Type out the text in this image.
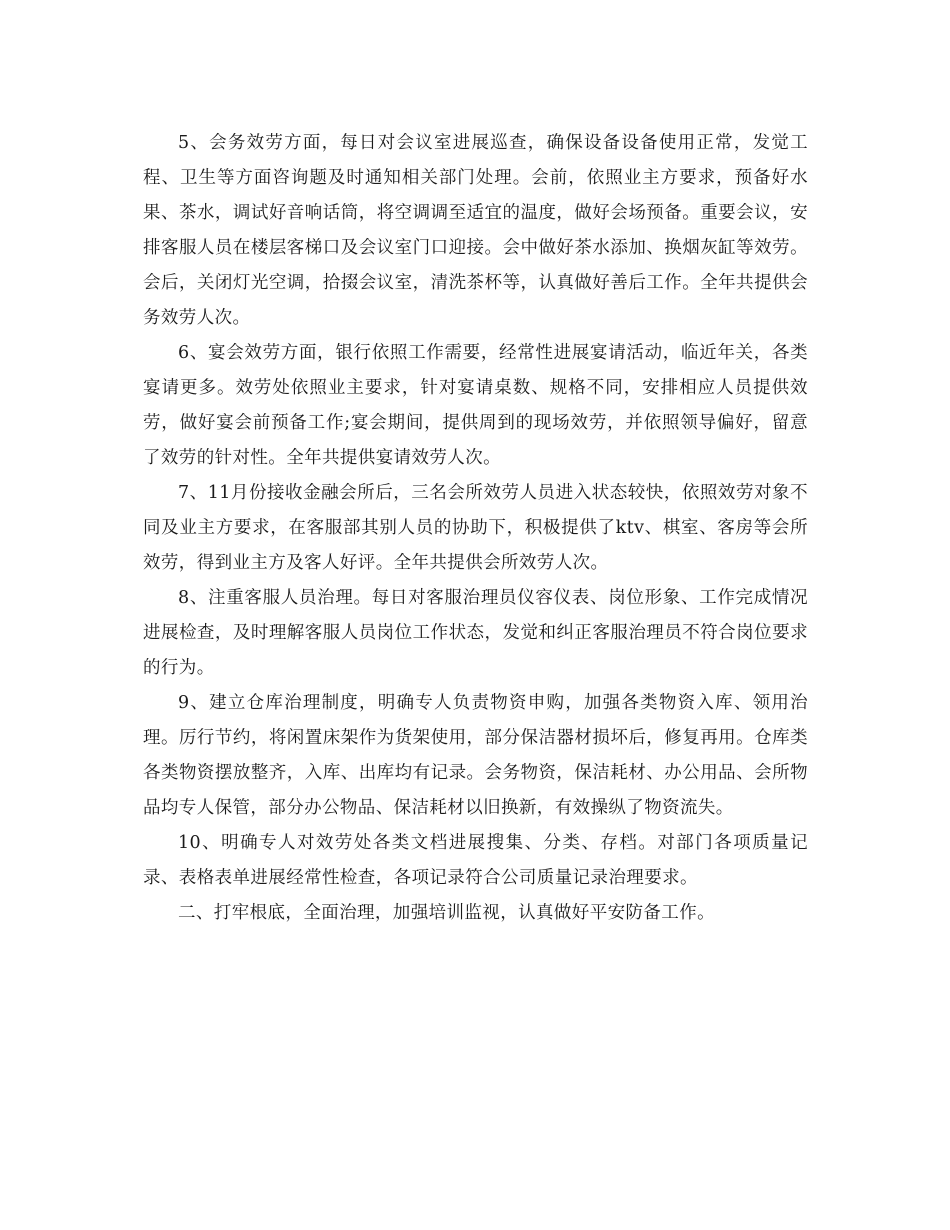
5、会务效劳方面，每日对会议室进展巡查，确保设备设备使用正常，发觉工程、卫生等方面咨询题及时通知相关部门处理。会前，依照业主方要求，预备好水果、茶水，调试好音响话筒，将空调调至适宜的温度，做好会场预备。重要会议，安排客服人员在楼层客梯口及会议室门口迎接。会中做好茶水添加、换烟灰缸等效劳。会后，关闭灯光空调，拾掇会议室，清洗茶杯等，认真做好善后工作。全年共提供会务效劳人次。

6、宴会效劳方面，银行依照工作需要，经常性进展宴请活动，临近年关，各类宴请更多。效劳处依照业主要求，针对宴请桌数、规格不同，安排相应人员提供效劳，做好宴会前预备工作;宴会期间，提供周到的现场效劳，并依照领导偏好，留意了效劳的针对性。全年共提供宴请效劳人次。

7、11月份接收金融会所后，三名会所效劳人员进入状态较快，依照效劳对象不同及业主方要求，在客服部其别人员的协助下，积极提供了ktv、棋室、客房等会所效劳，得到业主方及客人好评。全年共提供会所效劳人次。

8、注重客服人员治理。每日对客服治理员仪容仪表、岗位形象、工作完成情况进展检查，及时理解客服人员岗位工作状态，发觉和纠正客服治理员不符合岗位要求的行为。

9、建立仓库治理制度，明确专人负责物资申购，加强各类物资入库、领用治理。厉行节约，将闲置床架作为货架使用，部分保洁器材损坏后，修复再用。仓库类各类物资摆放整齐，入库、出库均有记录。会务物资，保洁耗材、办公用品、会所物品均专人保管，部分办公物品、保洁耗材以旧换新，有效操纵了物资流失。

10、明确专人对效劳处各类文档进展搜集、分类、存档。对部门各项质量记录、表格表单进展经常性检查，各项记录符合公司质量记录治理要求。

二、打牢根底，全面治理，加强培训监视，认真做好平安防备工作。
